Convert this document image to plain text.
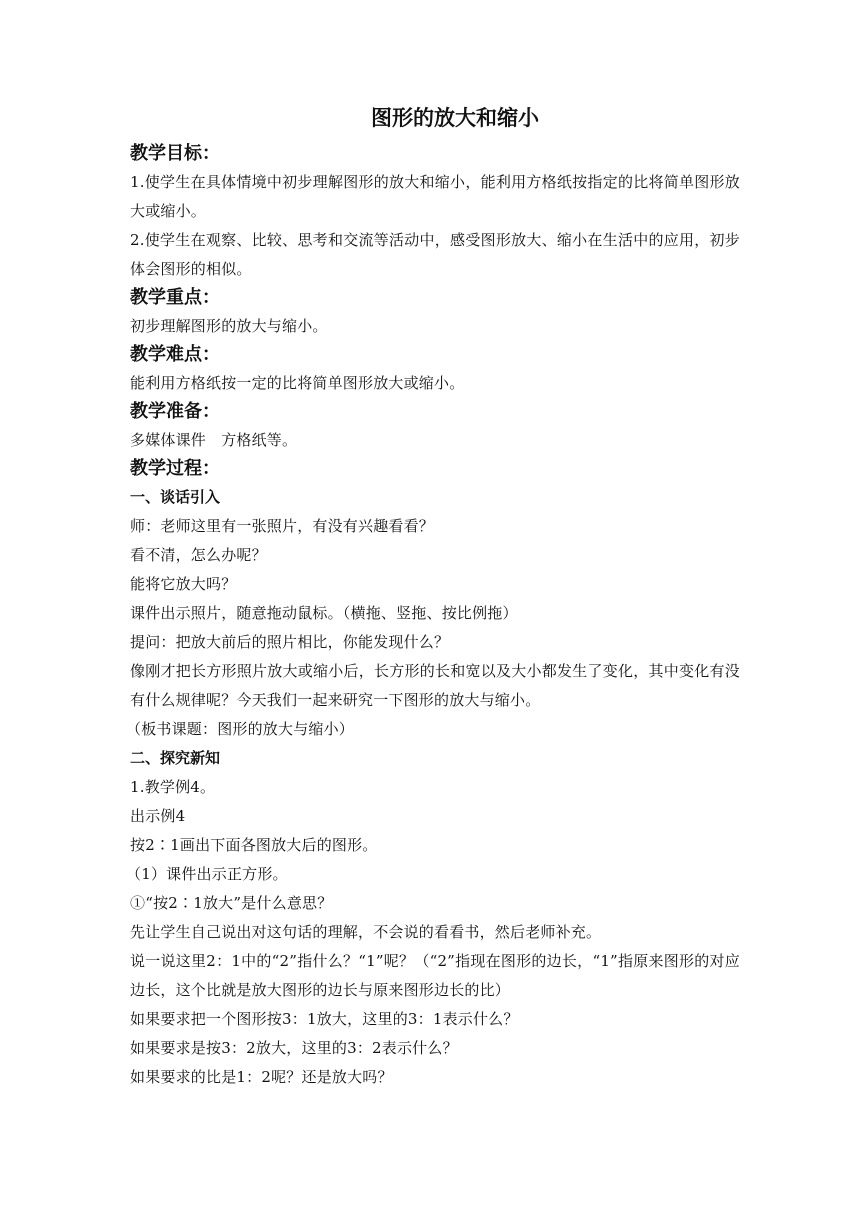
图形的放大和缩小
教学目标：

1.使学生在具体情境中初步理解图形的放大和缩小，能利用方格纸按指定的比将简单图形放大或缩小。

2.使学生在观察、比较、思考和交流等活动中，感受图形放大、缩小在生活中的应用，初步体会图形的相似。

教学重点：

初步理解图形的放大与缩小。

教学难点：

能利用方格纸按一定的比将简单图形放大或缩小。

教学准备：

多媒体课件　方格纸等。

教学过程：

一、谈话引入

师：老师这里有一张照片，有没有兴趣看看？

看不清，怎么办呢？

能将它放大吗？

课件出示照片，随意拖动鼠标。（横拖、竖拖、按比例拖）

提问：把放大前后的照片相比，你能发现什么？

像刚才把长方形照片放大或缩小后，长方形的长和宽以及大小都发生了变化，其中变化有没有什么规律呢？今天我们一起来研究一下图形的放大与缩小。

（板书课题：图形的放大与缩小）

二、探究新知

1.教学例4。

出示例4

按2∶1画出下面各图放大后的图形。

（1）课件出示正方形。

①“按2∶1放大”是什么意思？

先让学生自己说出对这句话的理解，不会说的看看书，然后老师补充。

说一说这里2：1中的“2”指什么？“1”呢？（“2”指现在图形的边长，“1”指原来图形的对应边长，这个比就是放大图形的边长与原来图形边长的比）

如果要求把一个图形按3：1放大，这里的3：1表示什么？

如果要求是按3：2放大，这里的3：2表示什么？

如果要求的比是1：2呢？还是放大吗？
